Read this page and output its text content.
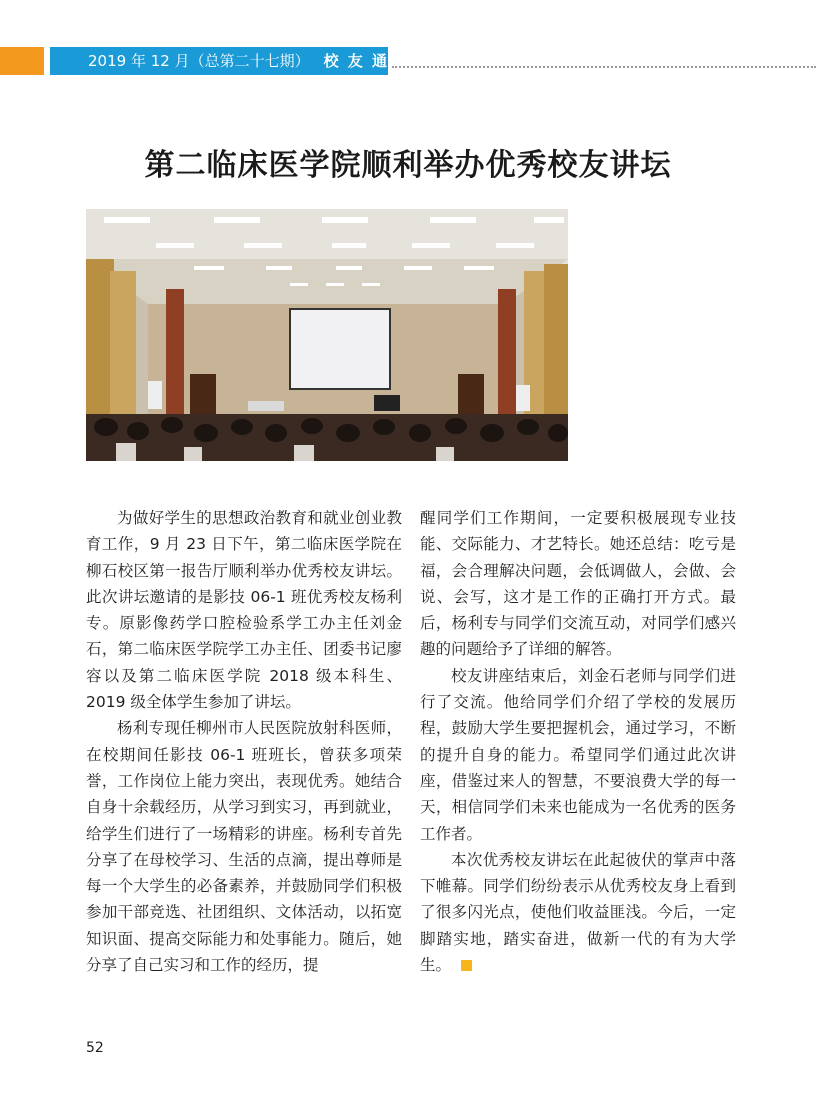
2019 年 12 月（总第二十七期） 校 友 通 讯
第二临床医学院顺利举办优秀校友讲坛

为做好学生的思想政治教育和就业创业教育工作，9 月 23 日下午，第二临床医学院在柳石校区第一报告厅顺利举办优秀校友讲坛。此次讲坛邀请的是影技 06-1 班优秀校友杨利专。原影像药学口腔检验系学工办主任刘金石，第二临床医学院学工办主任、团委书记廖容以及第二临床医学院 2018 级本科生、2019 级全体学生参加了讲坛。

杨利专现任柳州市人民医院放射科医师，在校期间任影技 06-1 班班长，曾获多项荣誉，工作岗位上能力突出，表现优秀。她结合自身十余载经历，从学习到实习，再到就业，给学生们进行了一场精彩的讲座。杨利专首先分享了在母校学习、生活的点滴，提出尊师是每一个大学生的必备素养，并鼓励同学们积极参加干部竞选、社团组织、文体活动，以拓宽知识面、提高交际能力和处事能力。随后，她分享了自己实习和工作的经历，提

醒同学们工作期间，一定要积极展现专业技能、交际能力、才艺特长。她还总结：吃亏是福，会合理解决问题，会低调做人，会做、会说、会写，这才是工作的正确打开方式。最后，杨利专与同学们交流互动，对同学们感兴趣的问题给予了详细的解答。

校友讲座结束后，刘金石老师与同学们进行了交流。他给同学们介绍了学校的发展历程，鼓励大学生要把握机会，通过学习，不断的提升自身的能力。希望同学们通过此次讲座，借鉴过来人的智慧，不要浪费大学的每一天，相信同学们未来也能成为一名优秀的医务工作者。

本次优秀校友讲坛在此起彼伏的掌声中落下帷幕。同学们纷纷表示从优秀校友身上看到了很多闪光点，使他们收益匪浅。今后，一定脚踏实地，踏实奋进，做新一代的有为大学生。

52
